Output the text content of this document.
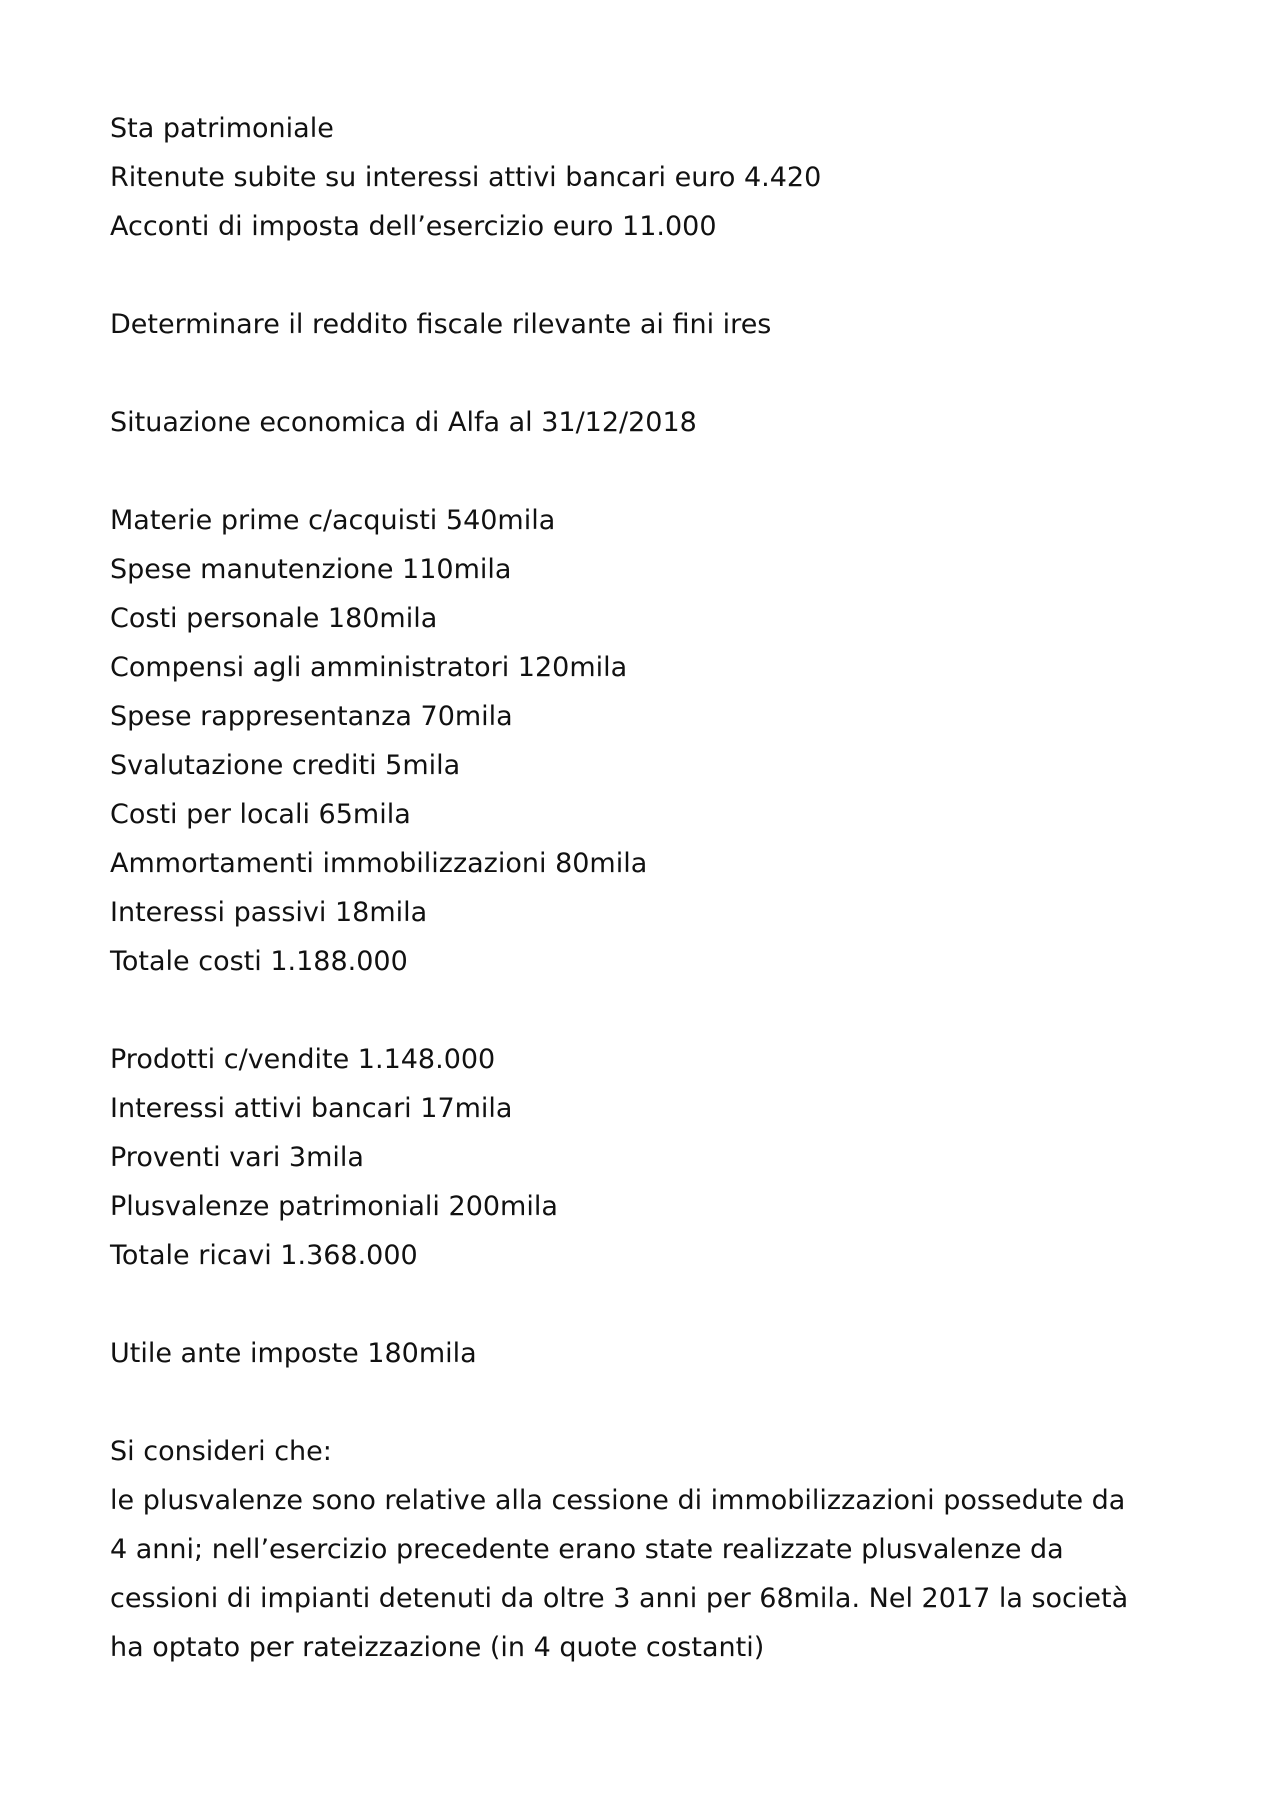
Sta patrimoniale
Ritenute subite su interessi attivi bancari euro 4.420
Acconti di imposta dell’esercizio euro 11.000
Determinare il reddito fiscale rilevante ai fini ires
Situazione economica di Alfa al 31/12/2018
Materie prime c/acquisti 540mila
Spese manutenzione 110mila
Costi personale 180mila
Compensi agli amministratori 120mila
Spese rappresentanza 70mila
Svalutazione crediti 5mila
Costi per locali 65mila
Ammortamenti immobilizzazioni 80mila
Interessi passivi 18mila
Totale costi 1.188.000
Prodotti c/vendite 1.148.000
Interessi attivi bancari 17mila
Proventi vari 3mila
Plusvalenze patrimoniali 200mila
Totale ricavi 1.368.000
Utile ante imposte 180mila
Si consideri che:
le plusvalenze sono relative alla cessione di immobilizzazioni possedute da
4 anni; nell’esercizio precedente erano state realizzate plusvalenze da
cessioni di impianti detenuti da oltre 3 anni per 68mila. Nel 2017 la società
ha optato per rateizzazione (in 4 quote costanti)
